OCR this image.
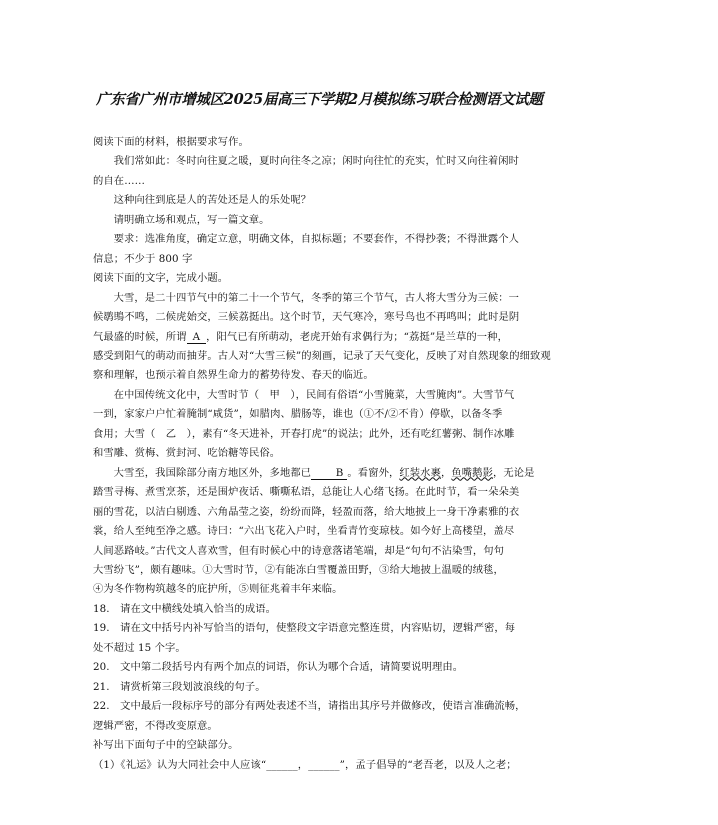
广东省广州市增城区2025届高三下学期2月模拟练习联合检测语文试题

阅读下面的材料，根据要求写作。

我们常如此：冬时向往夏之暖，夏时向往冬之凉；闲时向往忙的充实，忙时又向往着闲时

的自在……

这种向往到底是人的苦处还是人的乐处呢？

请明确立场和观点，写一篇文章。

要求：选准角度，确定立意，明确文体，自拟标题；不要套作，不得抄袭；不得泄露个人

信息；不少于 800 字

阅读下面的文字，完成小题。

大雪，是二十四节气中的第二十一个节气，冬季的第三个节气，古人将大雪分为三候：一

候鹖鴠不鸣，二候虎始交，三候荔挺出。这个时节，天气寒冷，寒号鸟也不再鸣叫；此时是阴

气最盛的时候，所谓 A ，阳气已有所萌动，老虎开始有求偶行为；“荔挺”是兰草的一种，

感受到阳气的萌动而抽芽。古人对“大雪三候”的刻画，记录了天气变化，反映了对自然现象的细致观

察和理解，也预示着自然界生命力的蓄势待发、春天的临近。

在中国传统文化中，大雪时节（　甲　），民间有俗语“小雪腌菜，大雪腌肉”。大雪节气

一到，家家户户忙着腌制“咸货”，如腊肉、腊肠等，谁也（①不/②不肯）停歇，以备冬季

食用；大雪（　乙　），素有“冬天进补，开春打虎”的说法；此外，还有吃红薯粥、制作冰雕

和雪雕、赏梅、赏封河、吃饴糖等民俗。

大雪至，我国除部分南方地区外，多地都已 B 。看窗外，红装水裹，鱼嘴鹅影，无论是

踏雪寻梅、煮雪烹茶，还是围炉夜话、嘶嘶私语，总能让人心绪飞扬。在此时节，看一朵朵美

丽的雪花，以洁白剔透、六角晶莹之姿，纷纷而降，轻盈而落，给大地披上一身干净素雅的衣

裳，给人至纯至净之感。诗曰：“六出飞花入户时，坐看青竹变琼枝。如今好上高楼望，盖尽

人间恶路岐。”古代文人喜欢雪，但有时候心中的诗意落诸笔端，却是“句句不沾染雪，句句

大雪纷飞”，颇有趣味。①大雪时节，②有能冻白雪覆盖田野，③给大地披上温暖的绒毯，

④为冬作物构筑越冬的庇护所，⑤则征兆着丰年来临。

18.　请在文中横线处填入恰当的成语。

19.　请在文中括号内补写恰当的语句，使整段文字语意完整连贯，内容贴切，逻辑严密，每

处不超过 15 个字。

20.　文中第二段括号内有两个加点的词语，你认为哪个合适，请简要说明理由。

21.　请赏析第三段划波浪线的句子。

22.　文中最后一段标序号的部分有两处表述不当，请指出其序号并做修改，使语言准确流畅，

逻辑严密，不得改变原意。

补写出下面句子中的空缺部分。

（1）《礼运》认为大同社会中人应该“______，______”，孟子倡导的“老吾老，以及人之老；
